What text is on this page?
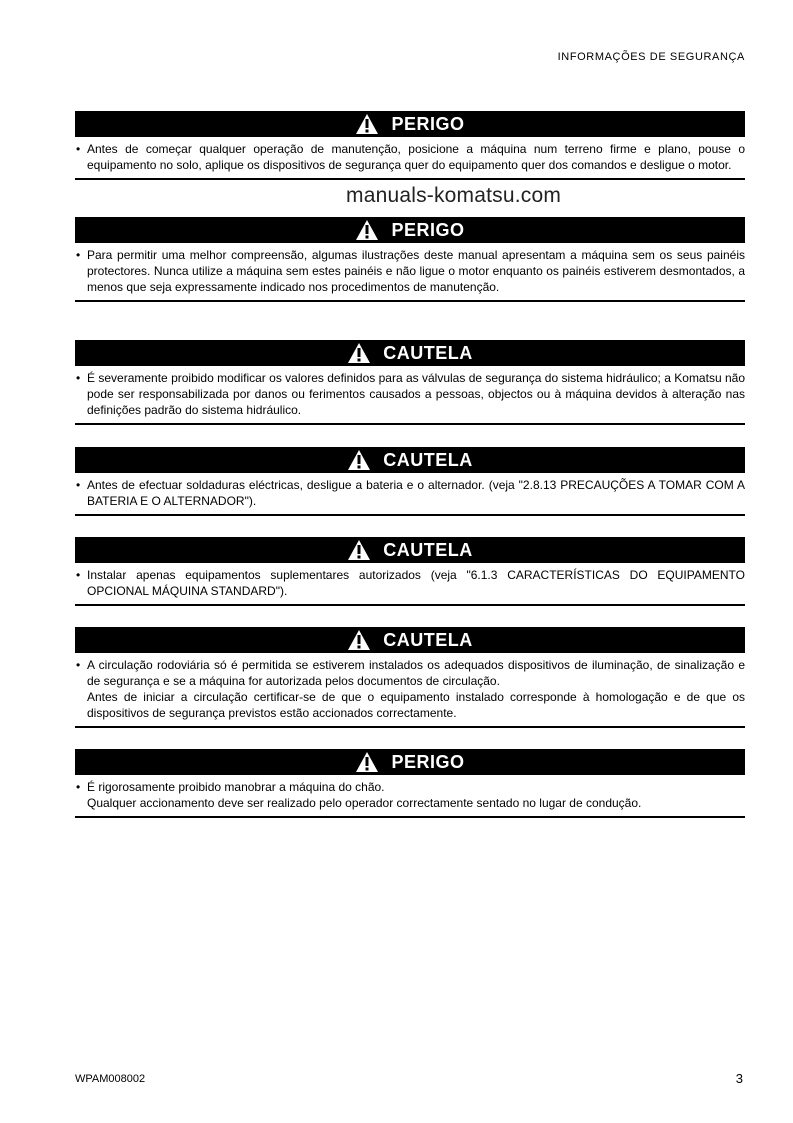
INFORMAÇÕES DE SEGURANÇA
manuals-komatsu.com
PERIGO
• Antes de começar qualquer operação de manutenção, posicione a máquina num terreno firme e plano, pouse o equipamento no solo, aplique os dispositivos de segurança quer do equipamento quer dos comandos e desligue o motor.

PERIGO
• Para permitir uma melhor compreensão, algumas ilustrações deste manual apresentam a máquina sem os seus painéis protectores. Nunca utilize a máquina sem estes painéis e não ligue o motor enquanto os painéis estiverem desmontados, a menos que seja expressamente indicado nos procedimentos de manutenção.

CAUTELA
• É severamente proibido modificar os valores definidos para as válvulas de segurança do sistema hidráulico; a Komatsu não pode ser responsabilizada por danos ou ferimentos causados a pessoas, objectos ou à máquina devidos à alteração nas definições padrão do sistema hidráulico.

CAUTELA
• Antes de efectuar soldaduras eléctricas, desligue a bateria e o alternador. (veja "2.8.13 PRECAUÇÕES A TOMAR COM A BATERIA E O ALTERNADOR").

CAUTELA
• Instalar apenas equipamentos suplementares autorizados (veja "6.1.3 CARACTERÍSTICAS DO EQUIPAMENTO OPCIONAL MÁQUINA STANDARD").

CAUTELA
• A circulação rodoviária só é permitida se estiverem instalados os adequados dispositivos de iluminação, de sinalização e de segurança e se a máquina for autorizada pelos documentos de circulação.

Antes de iniciar a circulação certificar-se de que o equipamento instalado corresponde à homologação e de que os dispositivos de segurança previstos estão accionados correctamente.

PERIGO
• É rigorosamente proibido manobrar a máquina do chão.

Qualquer accionamento deve ser realizado pelo operador correctamente sentado no lugar de condução.

WPAM008002	3
